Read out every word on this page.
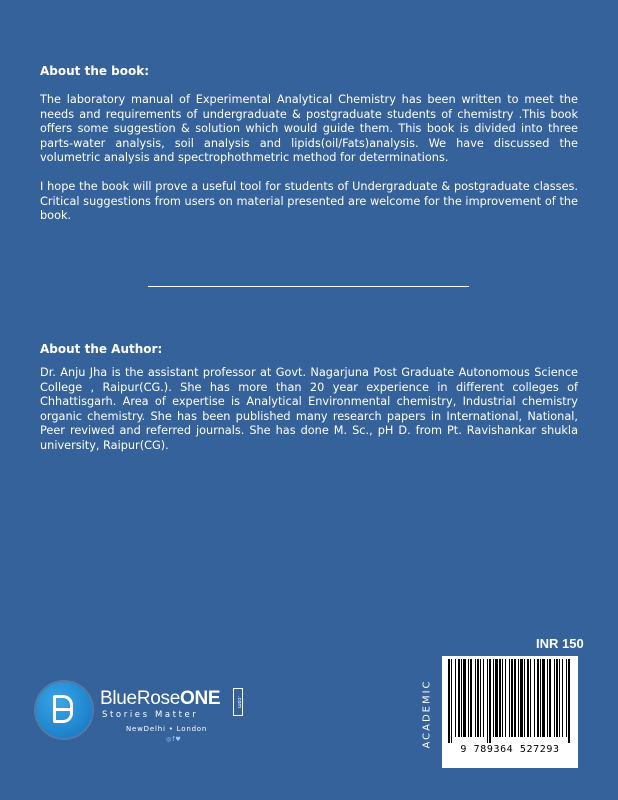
About the book:
The laboratory manual of Experimental Analytical Chemistry has been written to meet the needs and requirements of undergraduate & postgraduate students of chemistry .This book offers some suggestion & solution which would guide them. This book is divided into three parts-water analysis, soil analysis and lipids(oil/Fats)analysis. We have discussed the volumetric analysis and spectrophothmetric method for determinations.
I hope the book will prove a useful tool for students of Undergraduate & postgraduate classes. Critical suggestions from users on material presented are welcome for the improvement of the book.
About the Author:
Dr. Anju Jha is the assistant professor at Govt. Nagarjuna Post Graduate Autonomous Science College , Raipur(CG.). She has more than 20 year experience in different colleges of Chhattisgarh. Area of expertise is Analytical Environmental chemistry, Industrial chemistry organic chemistry. She has been published many research papers in International, National, Peer reviwed and referred journals. She has done M. Sc., pH D. from Pt. Ravishankar shukla university, Raipur(CG).
INR 150
ACADEMIC
9 789364 527293
www.BlueRoseOne.com
BlueRoseONE	.com
Stories Matter
NewDelhi • London
◎f♥
